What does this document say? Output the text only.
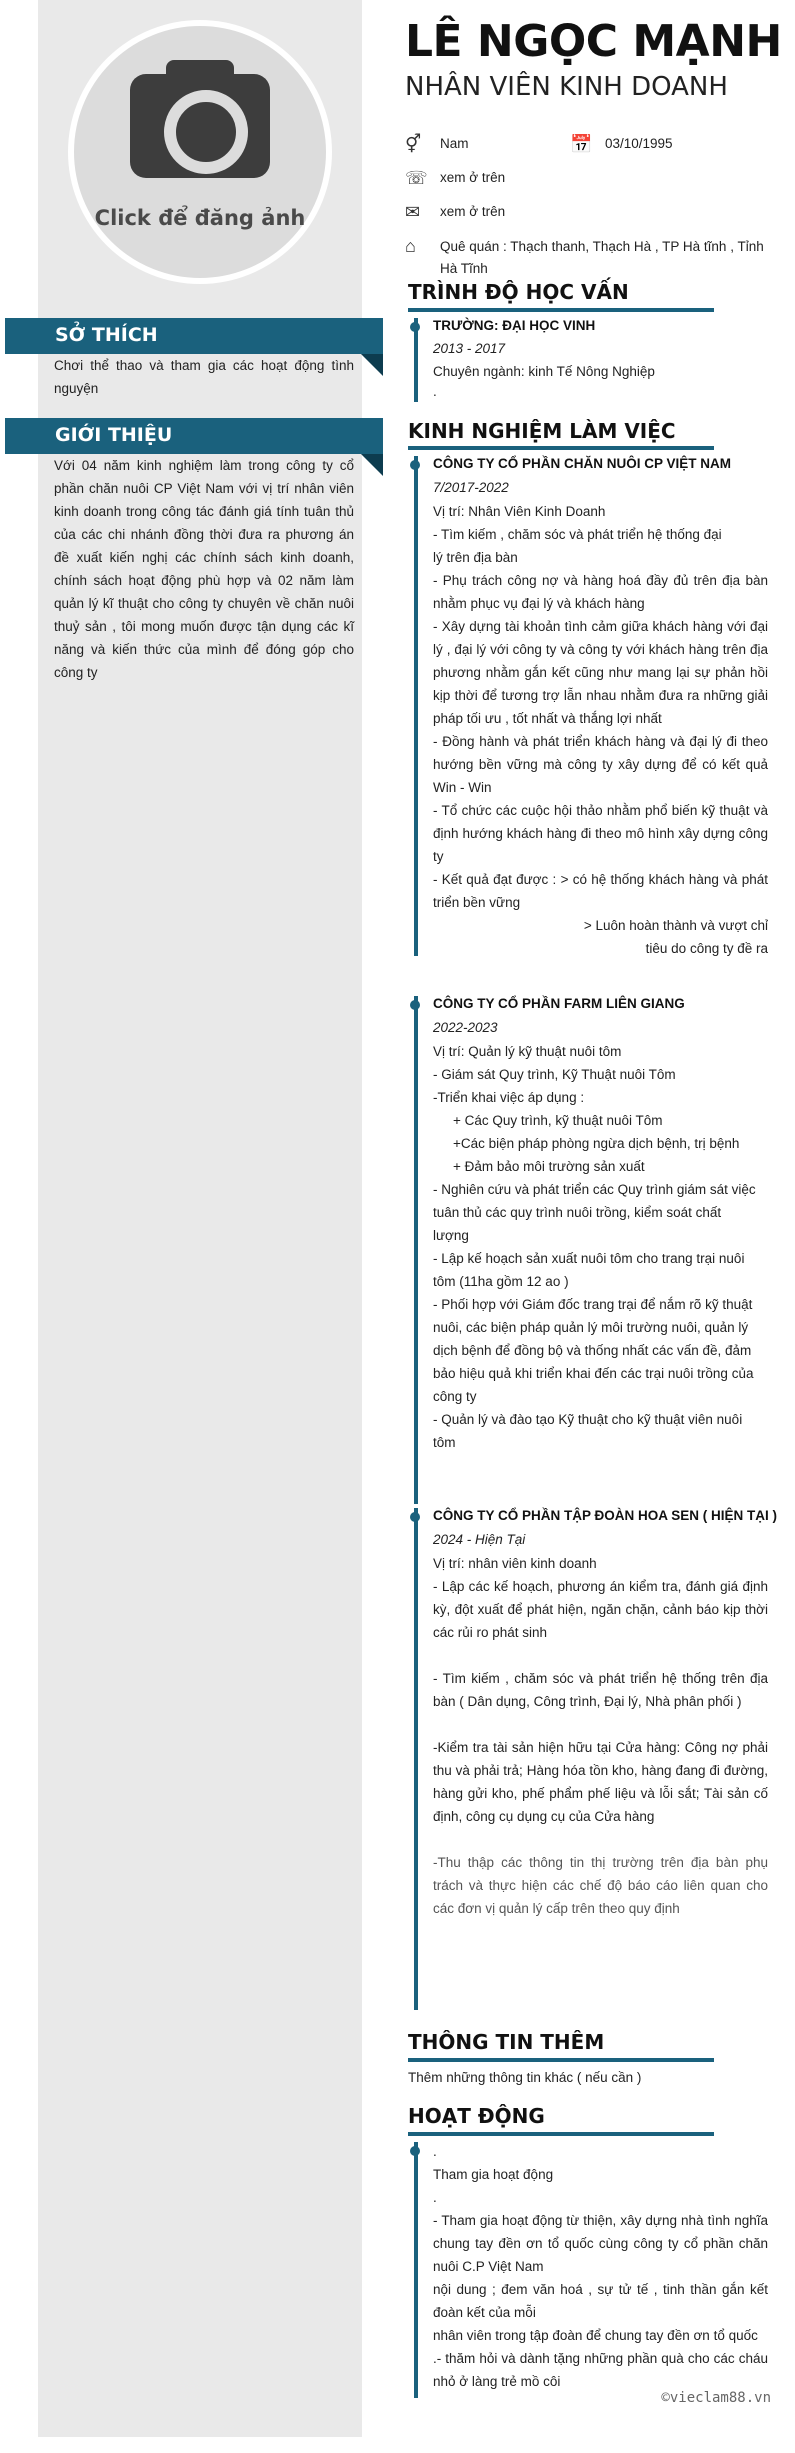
Click để đăng ảnh
SỞ THÍCH
Chơi thể thao và tham gia các hoạt động tình nguyện
GIỚI THIỆU
Với 04 năm kinh nghiệm làm trong công ty cổ phần chăn nuôi CP Việt Nam với vị trí nhân viên kinh doanh trong công tác đánh giá tính tuân thủ của các chi nhánh đồng thời đưa ra phương án đề xuất kiến nghị các chính sách kinh doanh, chính sách hoạt động phù hợp và 02 năm làm quản lý kĩ thuật cho công ty chuyên về chăn nuôi thuỷ sản , tôi mong muốn được tận dụng các kĩ năng và kiến thức của mình để đóng góp cho công ty
LÊ NGỌC MẠNH
NHÂN VIÊN KINH DOANH
⚥ Nam	📅 03/10/1995
☏ xem ở trên
✉ xem ở trên
⌂ Quê quán : Thạch thanh, Thạch Hà , TP Hà tĩnh , Tỉnh Hà Tĩnh
TRÌNH ĐỘ HỌC VẤN
TRƯỜNG: ĐẠI HỌC VINH
2013 - 2017
Chuyên ngành: kinh Tế Nông Nghiệp
.
KINH NGHIỆM LÀM VIỆC
CÔNG TY CỔ PHẦN CHĂN NUÔI CP VIỆT NAM
7/2017-2022

Vị trí: Nhân Viên Kinh Doanh

- Tìm kiếm , chăm sóc và phát triển hệ thống đại lý trên địa bàn

- Phụ trách công nợ và hàng hoá đầy đủ trên địa bàn nhằm phục vụ đại lý và khách hàng

- Xây dựng tài khoản tình cảm giữa khách hàng với đại lý , đại lý với công ty và công ty với khách hàng trên địa phương nhằm gắn kết cũng như mang lại sự phản hồi kịp thời để tương trợ lẫn nhau nhằm đưa ra những giải pháp tối ưu , tốt nhất và thắng lợi nhất

- Đồng hành và phát triển khách hàng và đại lý đi theo hướng bền vững mà công ty xây dựng để có kết quả Win - Win

- Tổ chức các cuộc hội thảo nhằm phổ biến kỹ thuật và định hướng khách hàng đi theo mô hình xây dựng công ty

- Kết quả đạt được : > có hệ thống khách hàng và phát triển bền vững

> Luôn hoàn thành và vượt chỉ tiêu do công ty đề ra

CÔNG TY CỔ PHẦN FARM LIÊN GIANG
2022-2023

Vị trí: Quản lý kỹ thuật nuôi tôm

- Giám sát Quy trình, Kỹ Thuật nuôi Tôm

-Triển khai việc áp dụng :

+ Các Quy trình, kỹ thuật nuôi Tôm

+Các biện pháp phòng ngừa dịch bệnh, trị bệnh

+ Đảm bảo môi trường sản xuất

- Nghiên cứu và phát triển các Quy trình giám sát việc tuân thủ các quy trình nuôi trồng, kiểm soát chất lượng

- Lập kế hoạch sản xuất nuôi tôm cho trang trại nuôi tôm (11ha gồm 12 ao )

- Phối hợp với Giám đốc trang trại để nắm rõ kỹ thuật nuôi, các biện pháp quản lý môi trường nuôi, quản lý dịch bệnh để đồng bộ và thống nhất các vấn đề, đảm bảo hiệu quả khi triển khai đến các trại nuôi trồng của công ty

- Quản lý và đào tạo Kỹ thuật cho kỹ thuật viên nuôi tôm

CÔNG TY CỔ PHẦN TẬP ĐOÀN HOA SEN ( HIỆN TẠI )
2024 - Hiện Tại

Vị trí: nhân viên kinh doanh

- Lập các kế hoạch, phương án kiểm tra, đánh giá định kỳ, đột xuất để phát hiện, ngăn chặn, cảnh báo kịp thời các rủi ro phát sinh

- Tìm kiếm , chăm sóc và phát triển hệ thống trên địa bàn ( Dân dụng, Công trình, Đại lý, Nhà phân phối )

-Kiểm tra tài sản hiện hữu tại Cửa hàng: Công nợ phải thu và phải trả; Hàng hóa tồn kho, hàng đang đi đường, hàng gửi kho, phế phẩm phế liệu và lỗi sắt; Tài sản cố định, công cụ dụng cụ của Cửa hàng

-Thu thập các thông tin thị trường trên địa bàn phụ trách và thực hiện các chế độ báo cáo liên quan cho các đơn vị quản lý cấp trên theo quy định

THÔNG TIN THÊM
Thêm những thông tin khác ( nếu cần )
HOẠT ĐỘNG

.

Tham gia hoạt động

.

- Tham gia hoạt động từ thiện, xây dựng nhà tình nghĩa chung tay đền ơn tổ quốc cùng công ty cổ phần chăn nuôi C.P Việt Nam

nội dung ; đem văn hoá , sự tử tế , tinh thần gắn kết đoàn kết của mỗi

nhân viên trong tập đoàn để chung tay đền ơn tổ quốc

.- thăm hỏi và dành tặng những phần quà cho các cháu nhỏ ở làng trẻ mồ côi

©vieclam88.vn
